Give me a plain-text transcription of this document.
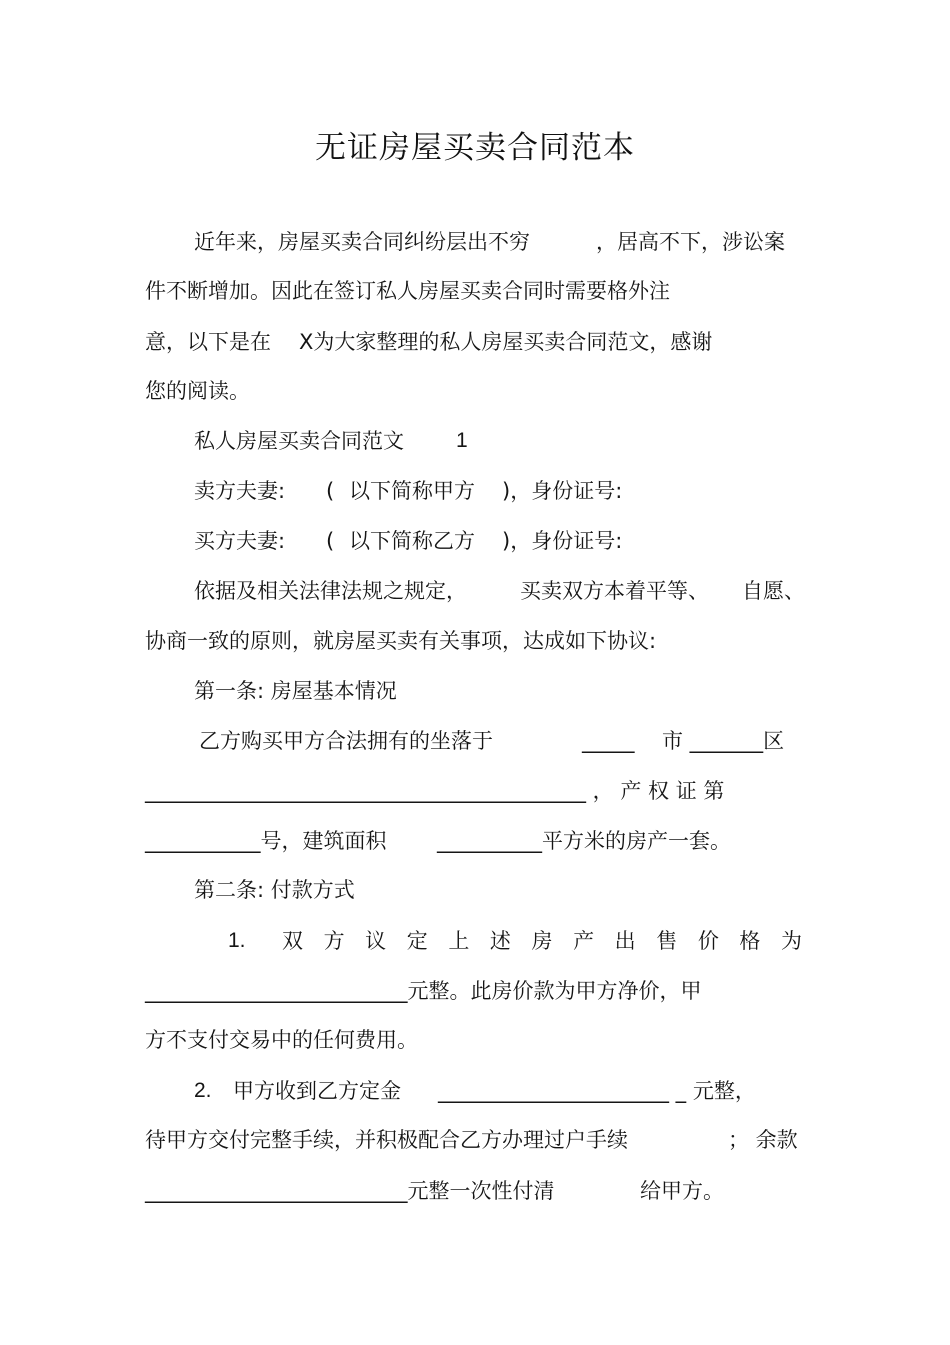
无证房屋买卖合同范本
近年来，房屋买卖合同纠纷层出不穷	，居高不下，涉讼案
件不断增加。因此在签订私人房屋买卖合同时需要格外注
意，以下是在 X为大家整理的私人房屋买卖合同范文，感谢
您的阅读。
私人房屋买卖合同范文 1
卖方夫妻: ( 以下简称甲方 )，身份证号:
买方夫妻: ( 以下简称乙方 )，身份证号:
依据及相关法律法规之规定，	买卖双方本着平等、 自愿、
协商一致的原则，就房屋买卖有关事项，达成如下协议:
第一条: 房屋基本情况
乙方购买甲方合法拥有的坐落于	_____ 市 _______区
__________________________________________ ， 产 权 证 第
___________号，建筑面积 __________平方米的房产一套。
第二条: 付款方式
1. 双方议定上述房产出售价格为
_________________________元整。此房价款为甲方净价，甲
方不支付交易中的任何费用。
2. 甲方收到乙方定金 ______________________ _ 元整，
待甲方交付完整手续，并积极配合乙方办理过户手续	； 余款
_________________________元整一次性付清	给甲方。
